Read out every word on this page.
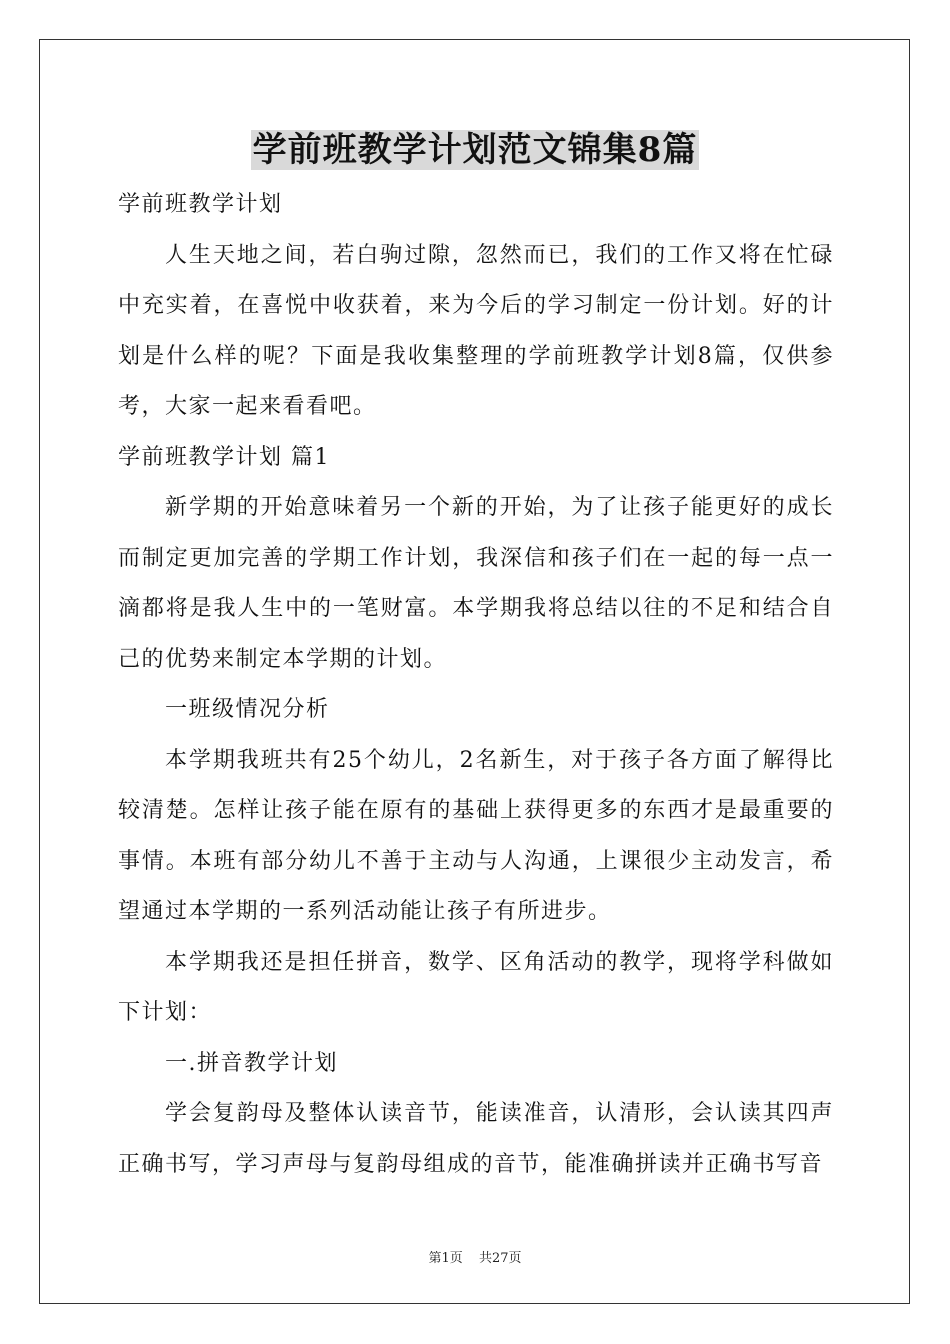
学前班教学计划范文锦集8篇
学前班教学计划
人生天地之间，若白驹过隙，忽然而已，我们的工作又将在忙碌中充实着，在喜悦中收获着，来为今后的学习制定一份计划。好的计划是什么样的呢？下面是我收集整理的学前班教学计划8篇，仅供参考，大家一起来看看吧。
学前班教学计划 篇1
新学期的开始意味着另一个新的开始，为了让孩子能更好的成长而制定更加完善的学期工作计划，我深信和孩子们在一起的每一点一滴都将是我人生中的一笔财富。本学期我将总结以往的不足和结合自己的优势来制定本学期的计划。
一班级情况分析
本学期我班共有25个幼儿，2名新生，对于孩子各方面了解得比较清楚。怎样让孩子能在原有的基础上获得更多的东西才是最重要的事情。本班有部分幼儿不善于主动与人沟通，上课很少主动发言，希望通过本学期的一系列活动能让孩子有所进步。
本学期我还是担任拼音，数学、区角活动的教学，现将学科做如下计划：
一.拼音教学计划
学会复韵母及整体认读音节，能读准音，认清形，会认读其四声正确书写，学习声母与复韵母组成的音节，能准确拼读并正确书写音
第1页 共27页
